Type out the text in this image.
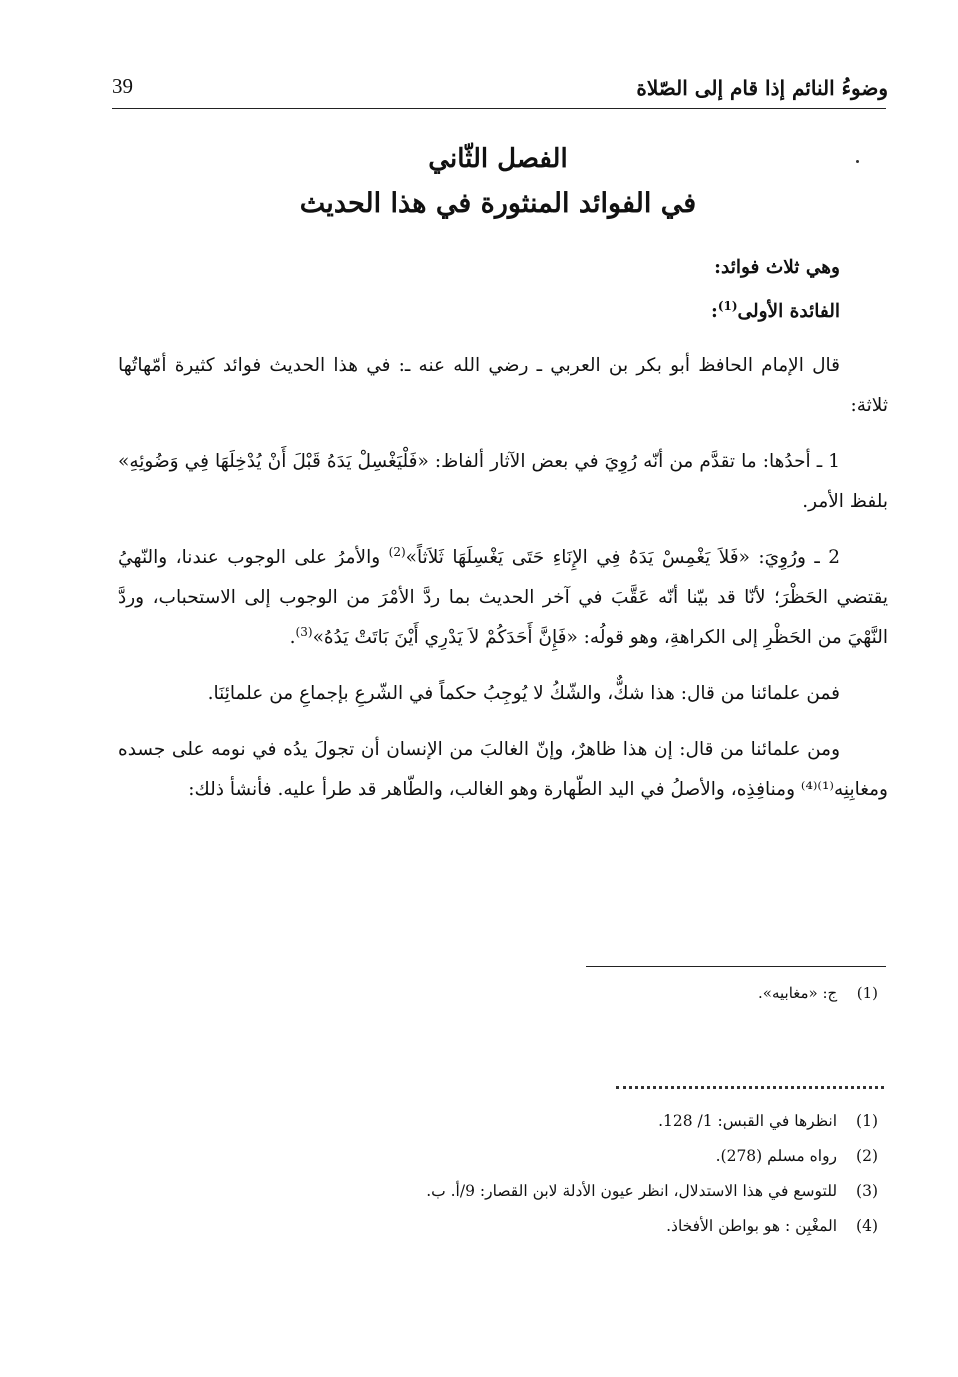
وضوءُ النائم إذا قام إلى الصّلاة
39
الفصل الثّاني
في الفوائد المنثورة في هذا الحديث

وهي ثلاث فوائد:

الفائدة الأولى$^{(1)}$:

قال الإمام الحافظ أبو بكر بن العربي ـ رضي الله عنه ـ: في هذا الحديث فوائد كثيرة أمّهاتُها ثلاثة:

1 ـ أحدُها: ما تقدَّم من أنّه رُوِيَ في بعض الآثار ألفاظ: «فَلْيَغْسِلْ يَدَهُ قَبْلَ أَنْ يُدْخِلَهَا فِي وَضُوئِهِ» بلفظ الأمر.

2 ـ ورُوِيَ: «فَلاَ يَغْمِسْ يَدَهُ فِي الإِنَاءِ حَتَى يَغْسِلَهَا ثَلاَثاً»$^{(2)}$ والأمرُ على الوجوب عندنا، والنّهيُ يقتضي الحَظْرَ؛ لأنّا قد بيّنا أنّه عَقَّبَ في آخر الحديث بما ردَّ الأمْرَ من الوجوب إلى الاستحباب، وردَّ النَّهْيَ من الحَظْرِ إلى الكراهةِ، وهو قولُه: «فَإِنَّ أَحَدَكُمْ لاَ يَدْرِي أَيْنَ بَاتَتْ يَدُهُ»$^{(3)}$.

فمن علمائنا من قال: هذا شكٌّ، والشّكُ لا يُوجِبُ حكماً في الشّرعِ بإجماعِ من علمائِنَا.

ومن علمائنا من قال: إن هذا ظاهرٌ، وإنّ الغالبَ من الإنسان أن تجولَ يدُه في نومه على جسده ومغابِنِه⁽¹⁾⁽⁴⁾ ومنافِذِه، والأصلُ في اليد الطّهارة وهو الغالب، والطّاهر قد طرأ عليه. فأنشأ ذلك:

(1) ج: «مغابيه».
(1) انظرها في القبس: 1/ 128.
(2) رواه مسلم (278).
(3) للتوسع في هذا الاستدلال، انظر عيون الأدلة لابن القصار: 9/أ. ب.
(4) المغْبِن : هو بواطن الأفخاذ.
